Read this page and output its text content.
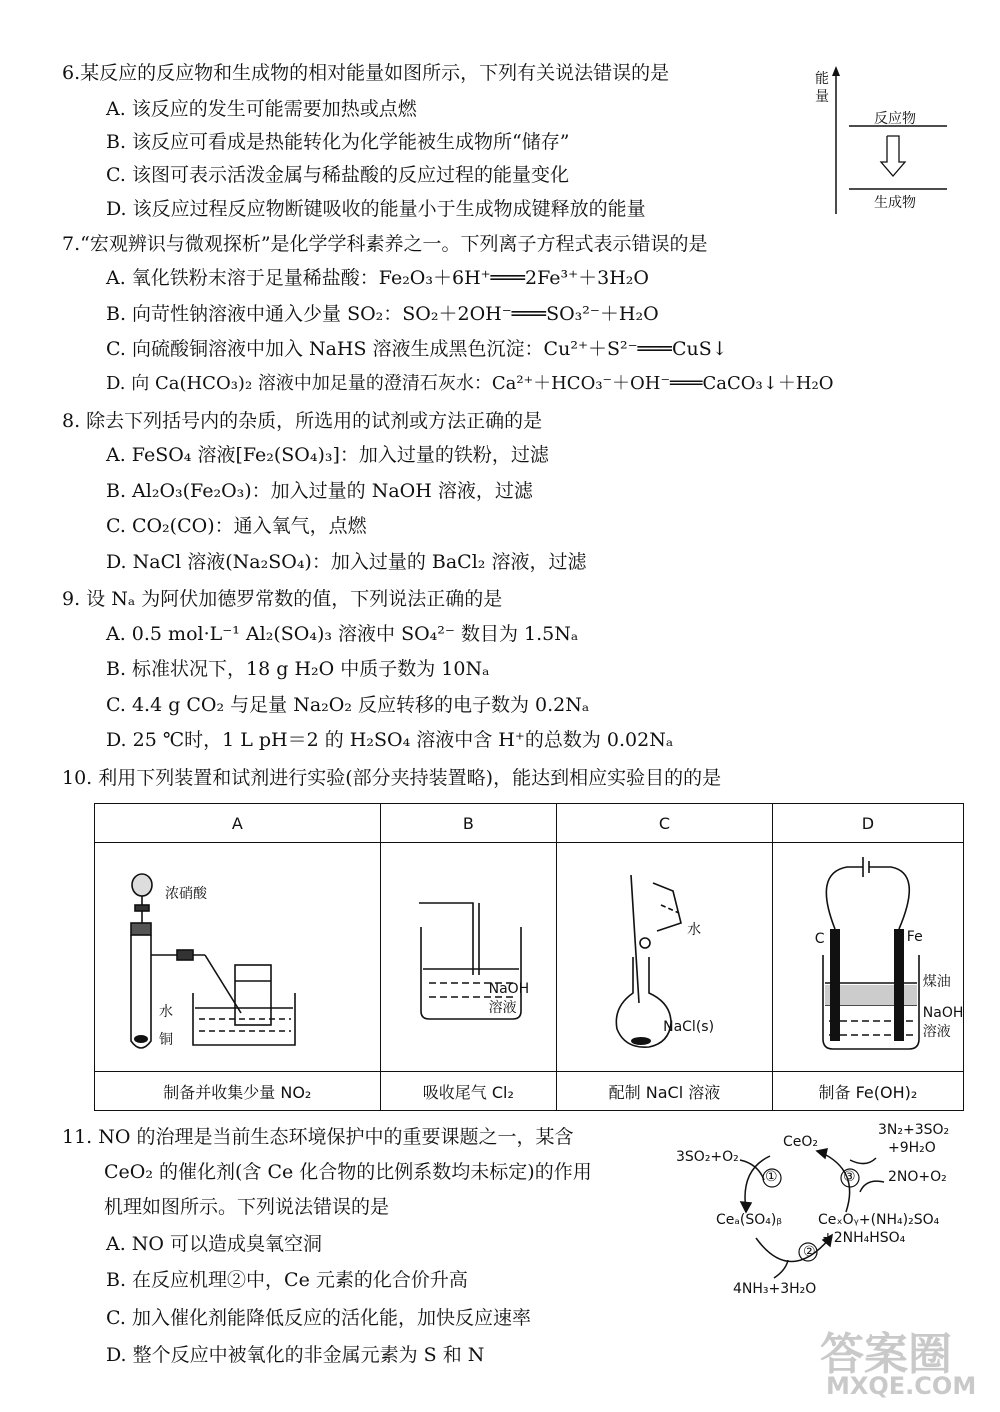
6.某反应的反应物和生成物的相对能量如图所示，下列有关说法错误的是
A. 该反应的发生可能需要加热或点燃
B. 该反应可看成是热能转化为化学能被生成物所“储存”
C. 该图可表示活泼金属与稀盐酸的反应过程的能量变化
D. 该反应过程反应物断键吸收的能量小于生成物成键释放的能量
能量
反应物
生成物
7.“宏观辨识与微观探析”是化学学科素养之一。下列离子方程式表示错误的是
A. 氧化铁粉末溶于足量稀盐酸：Fe₂O₃＋6H⁺═══2Fe³⁺＋3H₂O
B. 向苛性钠溶液中通入少量 SO₂：SO₂＋2OH⁻═══SO₃²⁻＋H₂O
C. 向硫酸铜溶液中加入 NaHS 溶液生成黑色沉淀：Cu²⁺＋S²⁻═══CuS↓
D. 向 Ca(HCO₃)₂ 溶液中加足量的澄清石灰水：Ca²⁺＋HCO₃⁻＋OH⁻═══CaCO₃↓＋H₂O
8. 除去下列括号内的杂质，所选用的试剂或方法正确的是
A. FeSO₄ 溶液[Fe₂(SO₄)₃]：加入过量的铁粉，过滤
B. Al₂O₃(Fe₂O₃)：加入过量的 NaOH 溶液，过滤
C. CO₂(CO)：通入氧气，点燃
D. NaCl 溶液(Na₂SO₄)：加入过量的 BaCl₂ 溶液，过滤
9. 设 Nₐ 为阿伏加德罗常数的值，下列说法正确的是
A. 0.5 mol·L⁻¹ Al₂(SO₄)₃ 溶液中 SO₄²⁻ 数目为 1.5Nₐ
B. 标准状况下，18 g H₂O 中质子数为 10Nₐ
C. 4.4 g CO₂ 与足量 Na₂O₂ 反应转移的电子数为 0.2Nₐ
D. 25 ℃时，1 L pH＝2 的 H₂SO₄ 溶液中含 H⁺的总数为 0.02Nₐ
10. 利用下列装置和试剂进行实验(部分夹持装置略)，能达到相应实验目的的是
A	B	C	D

浓硝酸
水
铜	NaOH
溶液	水
NaCl(s)	C Fe
煤油
NaOH
溶液

制备并收集少量 NO₂	吸收尾气 Cl₂	配制 NaCl 溶液	制备 Fe(OH)₂
11. NO 的治理是当前生态环境保护中的重要课题之一，某含
CeO₂ 的催化剂(含 Ce 化合物的比例系数均未标定)的作用
机理如图所示。下列说法错误的是
A. NO 可以造成臭氧空洞
B. 在反应机理②中，Ce 元素的化合价升高
C. 加入催化剂能降低反应的活化能，加快反应速率
D. 整个反应中被氧化的非金属元素为 S 和 N
CeO₂
3SO₂+O₂
①	③
3N₂+3SO₂
+9H₂O
2NO+O₂
Ceₐ(SO₄)ᵦ	CeₓOᵧ+(NH₄)₂SO₄
+2NH₄HSO₄
②
4NH₃+3H₂O
答案圈
MXQE.COM
